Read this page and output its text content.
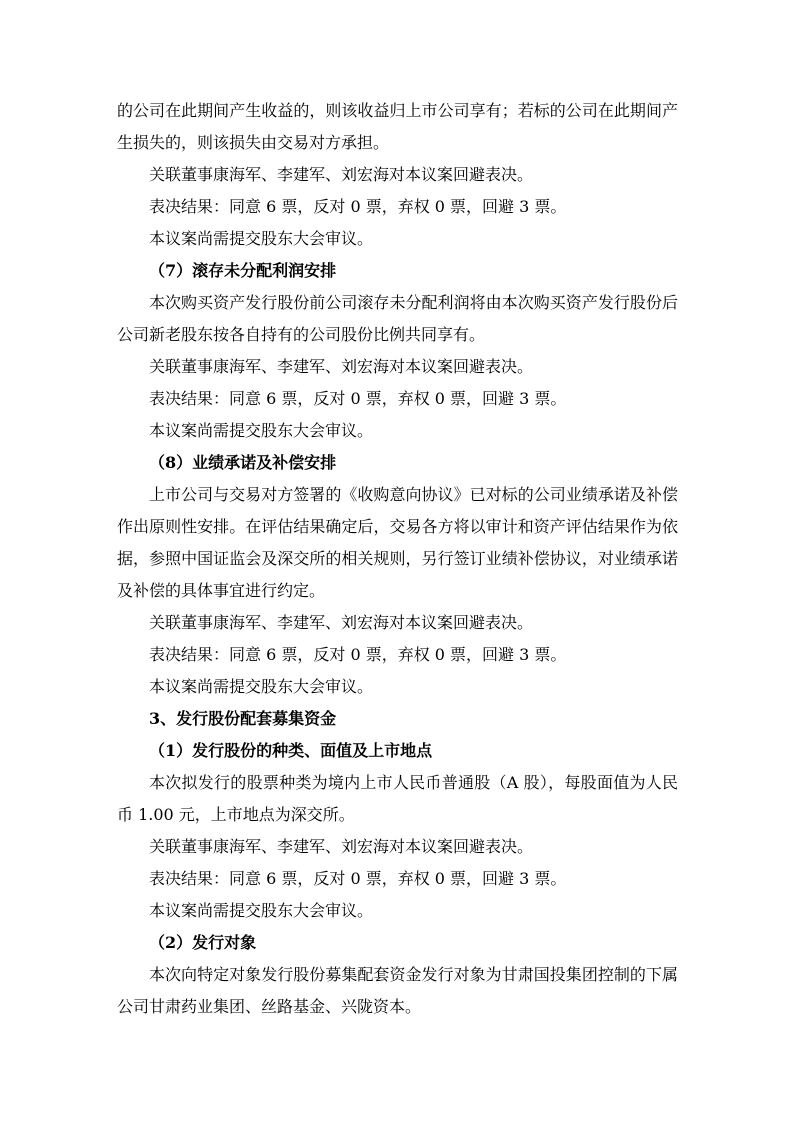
的公司在此期间产生收益的，则该收益归上市公司享有；若标的公司在此期间产生损失的，则该损失由交易对方承担。

关联董事康海军、李建军、刘宏海对本议案回避表决。

表决结果：同意 6 票，反对 0 票，弃权 0 票，回避 3 票。

本议案尚需提交股东大会审议。

（7）滚存未分配利润安排

本次购买资产发行股份前公司滚存未分配利润将由本次购买资产发行股份后公司新老股东按各自持有的公司股份比例共同享有。

关联董事康海军、李建军、刘宏海对本议案回避表决。

表决结果：同意 6 票，反对 0 票，弃权 0 票，回避 3 票。

本议案尚需提交股东大会审议。

（8）业绩承诺及补偿安排

上市公司与交易对方签署的《收购意向协议》已对标的公司业绩承诺及补偿作出原则性安排。在评估结果确定后，交易各方将以审计和资产评估结果作为依据，参照中国证监会及深交所的相关规则，另行签订业绩补偿协议，对业绩承诺及补偿的具体事宜进行约定。

关联董事康海军、李建军、刘宏海对本议案回避表决。

表决结果：同意 6 票，反对 0 票，弃权 0 票，回避 3 票。

本议案尚需提交股东大会审议。

3、发行股份配套募集资金

（1）发行股份的种类、面值及上市地点

本次拟发行的股票种类为境内上市人民币普通股（A 股），每股面值为人民币 1.00 元，上市地点为深交所。

关联董事康海军、李建军、刘宏海对本议案回避表决。

表决结果：同意 6 票，反对 0 票，弃权 0 票，回避 3 票。

本议案尚需提交股东大会审议。

（2）发行对象

本次向特定对象发行股份募集配套资金发行对象为甘肃国投集团控制的下属公司甘肃药业集团、丝路基金、兴陇资本。
